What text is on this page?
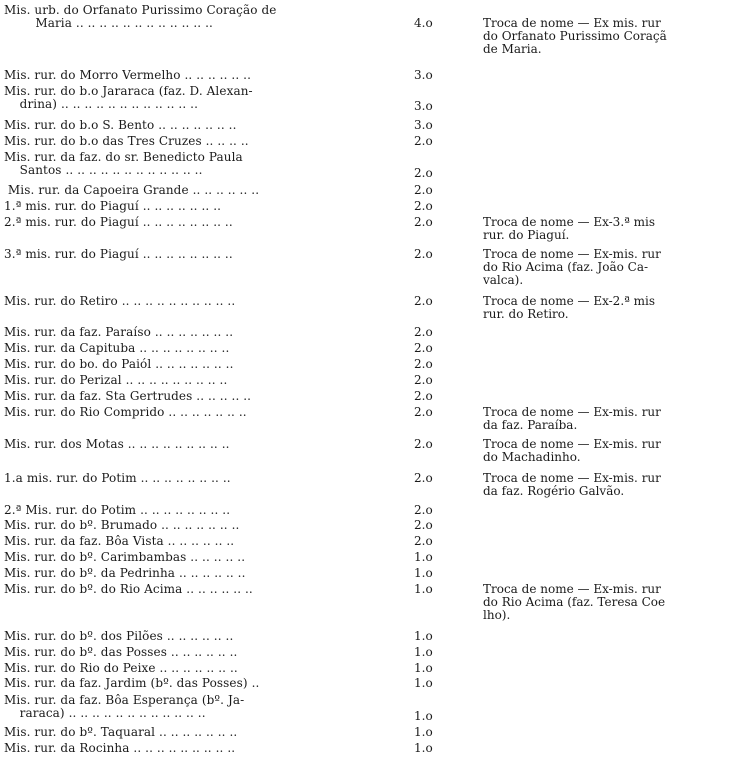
Mis. urb. do Orfanato Purissimo Coração de
Maria .. .. .. .. .. .. .. .. .. .. .. ..	4.o	Troca de nome — Ex mis. rur
do Orfanato Purissimo Coraçã
de Maria.
Mis. rur. do Morro Vermelho .. .. .. .. .. ..	3.o
Mis. rur. do b.o Jararaca (faz. D. Alexan-
drina) .. .. .. .. .. .. .. .. .. .. .. ..	3.o
Mis. rur. do b.o S. Bento .. .. .. .. .. .. ..	3.o
Mis. rur. do b.o das Tres Cruzes .. .. .. ..	2.o
Mis. rur. da faz. do sr. Benedicto Paula
Santos .. .. .. .. .. .. .. .. .. .. .. ..	2.o
Mis. rur. da Capoeira Grande .. .. .. .. .. ..	2.o
1.ª mis. rur. do Piaguí .. .. .. .. .. .. ..	2.o
2.ª mis. rur. do Piaguí .. .. .. .. .. .. .. ..	2.o	Troca de nome — Ex-3.ª mis
rur. do Piaguí.
3.ª mis. rur. do Piaguí .. .. .. .. .. .. .. ..	2.o	Troca de nome — Ex-mis. rur
do Rio Acima (faz. João Ca-
valca).
Mis. rur. do Retiro .. .. .. .. .. .. .. .. .. ..	2.o	Troca de nome — Ex-2.ª mis
rur. do Retiro.
Mis. rur. da faz. Paraíso .. .. .. .. .. .. ..	2.o
Mis. rur. da Capituba .. .. .. .. .. .. .. ..	2.o
Mis. rur. do bo. do Paiól .. .. .. .. .. .. ..	2.o
Mis. rur. do Perizal .. .. .. .. .. .. .. .. ..	2.o
Mis. rur. da faz. Sta Gertrudes .. .. .. .. ..	2.o
Mis. rur. do Rio Comprido .. .. .. .. .. .. ..	2.o	Troca de nome — Ex-mis. rur
da faz. Paraíba.
Mis. rur. dos Motas .. .. .. .. .. .. .. .. ..	2.o	Troca de nome — Ex-mis. rur
do Machadinho.
1.a mis. rur. do Potim .. .. .. .. .. .. .. ..	2.o	Troca de nome — Ex-mis. rur
da faz. Rogério Galvão.
2.ª Mis. rur. do Potim .. .. .. .. .. .. .. ..	2.o
Mis. rur. do bº. Brumado .. .. .. .. .. .. ..	2.o
Mis. rur. da faz. Bôa Vista .. .. .. .. .. ..	2.o
Mis. rur. do bº. Carimbambas .. .. .. .. ..	1.o
Mis. rur. do bº. da Pedrinha .. .. .. .. .. ..	1.o
Mis. rur. do bº. do Rio Acima .. .. .. .. .. ..	1.o	Troca de nome — Ex-mis. rur
do Rio Acima (faz. Teresa Coe
lho).
Mis. rur. do bº. dos Pilões .. .. .. .. .. ..	1.o
Mis. rur. do bº. das Posses .. .. .. .. .. ..	1.o
Mis. rur. do Rio do Peixe .. .. .. .. .. .. ..	1.o
Mis. rur. da faz. Jardim (bº. das Posses) ..	1.o
Mis. rur. da faz. Bôa Esperança (bº. Ja-
raraca) .. .. .. .. .. .. .. .. .. .. .. ..	1.o
Mis. rur. do bº. Taquaral .. .. .. .. .. .. ..	1.o
Mis. rur. da Rocinha .. .. .. .. .. .. .. .. ..	1.o
